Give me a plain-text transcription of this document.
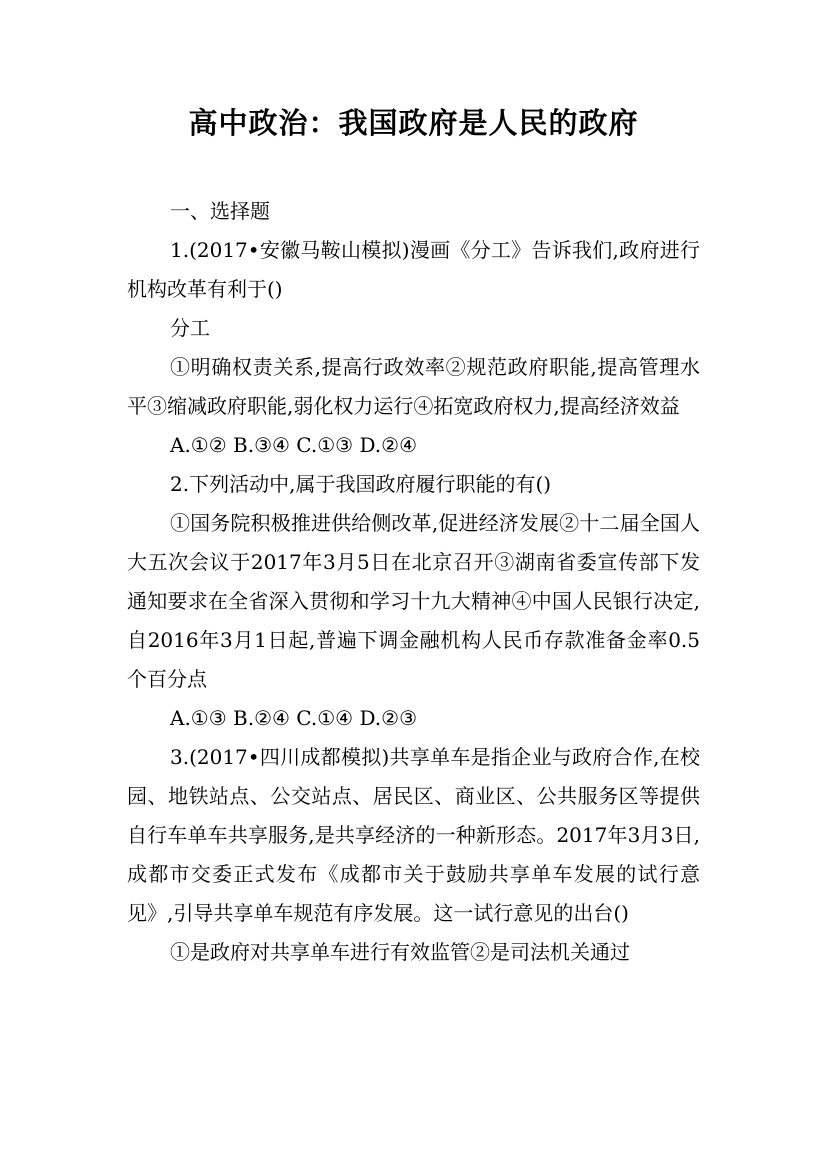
高中政治：我国政府是人民的政府

一、选择题

1.(2017•安徽马鞍山模拟)漫画《分工》告诉我们,政府进行机构改革有利于()

分工

①明确权责关系,提高行政效率②规范政府职能,提高管理水平③缩减政府职能,弱化权力运行④拓宽政府权力,提高经济效益

A.①② B.③④ C.①③ D.②④

2.下列活动中,属于我国政府履行职能的有()

①国务院积极推进供给侧改革,促进经济发展②十二届全国人大五次会议于2017年3月5日在北京召开③湖南省委宣传部下发通知要求在全省深入贯彻和学习十九大精神④中国人民银行决定,自2016年3月1日起,普遍下调金融机构人民币存款准备金率0.5个百分点

A.①③ B.②④ C.①④ D.②③

3.(2017•四川成都模拟)共享单车是指企业与政府合作,在校园、地铁站点、公交站点、居民区、商业区、公共服务区等提供自行车单车共享服务,是共享经济的一种新形态。2017年3月3日,成都市交委正式发布《成都市关于鼓励共享单车发展的试行意见》,引导共享单车规范有序发展。这一试行意见的出台()

①是政府对共享单车进行有效监管②是司法机关通过
